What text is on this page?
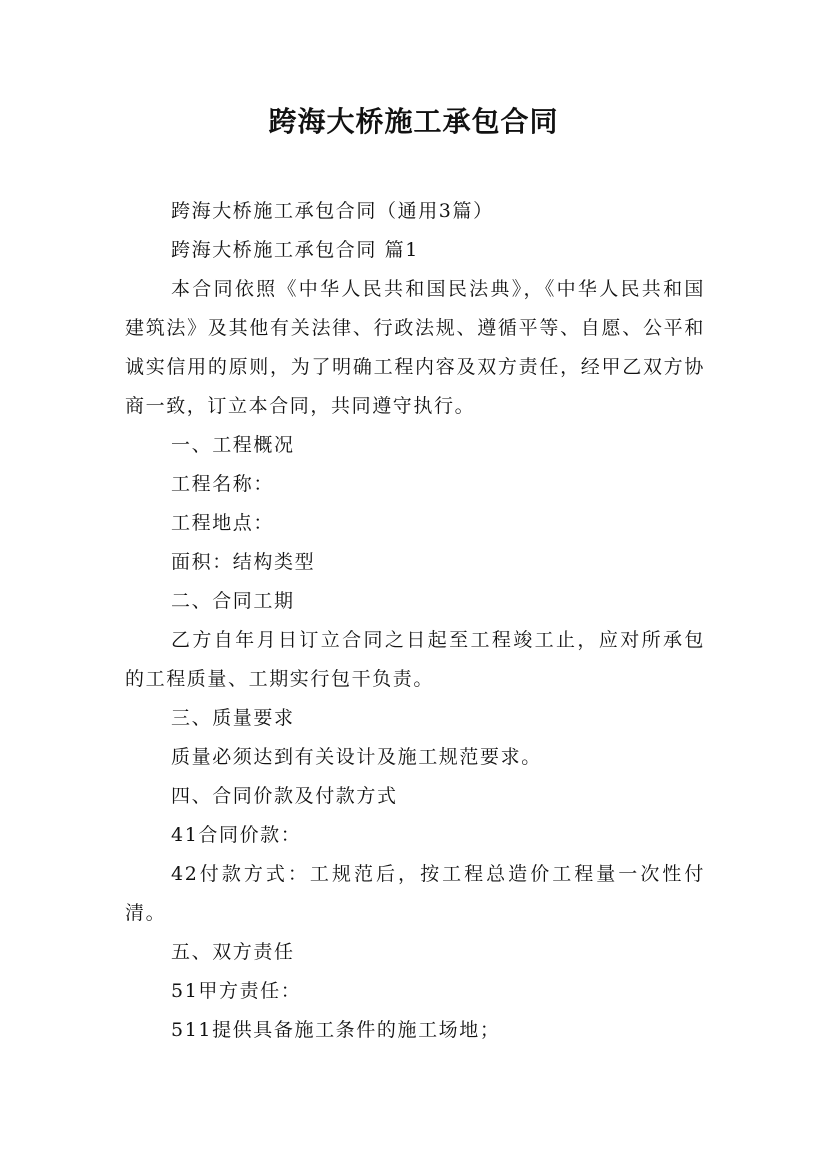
跨海大桥施工承包合同

跨海大桥施工承包合同（通用3篇）

跨海大桥施工承包合同 篇1

本合同依照《中华人民共和国民法典》，《中华人民共和国建筑法》及其他有关法律、行政法规、遵循平等、自愿、公平和诚实信用的原则，为了明确工程内容及双方责任，经甲乙双方协商一致，订立本合同，共同遵守执行。

一、工程概况

工程名称：

工程地点：

面积：结构类型

二、合同工期

乙方自年月日订立合同之日起至工程竣工止，应对所承包的工程质量、工期实行包干负责。

三、质量要求

质量必须达到有关设计及施工规范要求。

四、合同价款及付款方式

41合同价款：

42付款方式：工规范后，按工程总造价工程量一次性付清。

五、双方责任

51甲方责任：

511提供具备施工条件的施工场地；
